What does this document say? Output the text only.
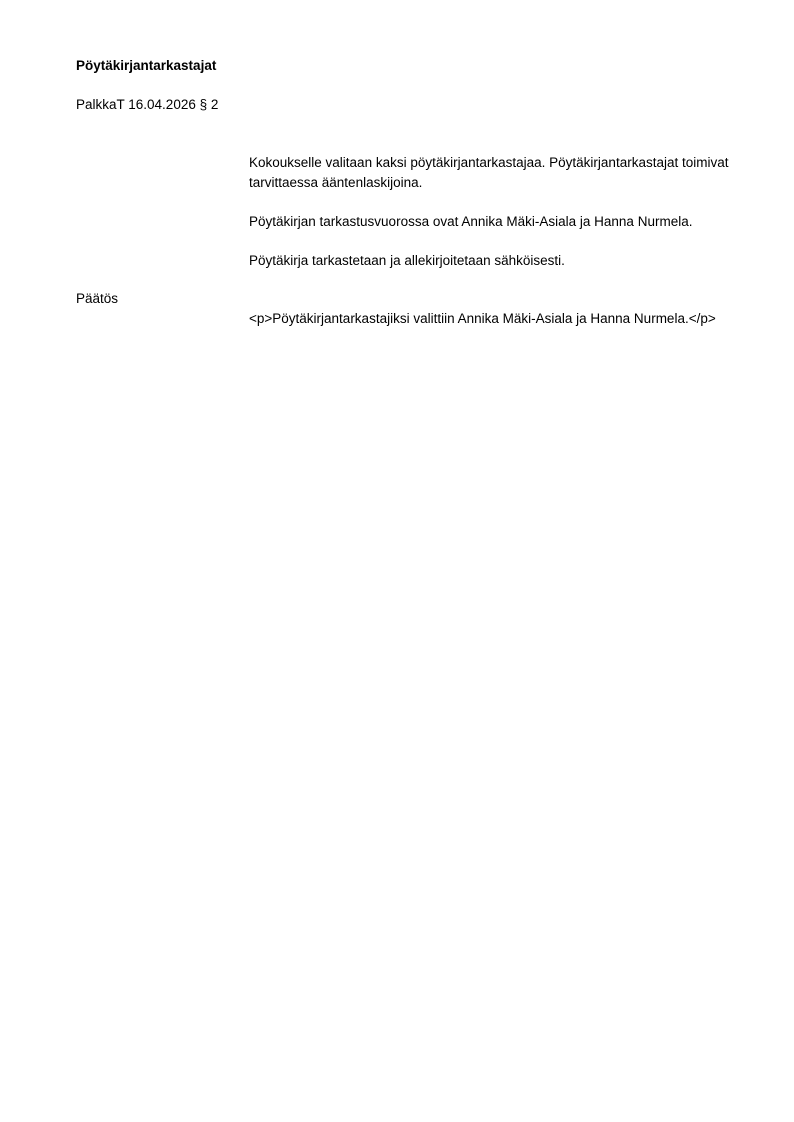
Pöytäkirjantarkastajat
PalkkaT 16.04.2026 § 2

Kokoukselle valitaan kaksi pöytäkirjantarkastajaa. Pöytäkirjantarkastajat toimivat tarvittaessa ääntenlaskijoina.

Pöytäkirjan tarkastusvuorossa ovat Annika Mäki-Asiala ja Hanna Nurmela.

Pöytäkirja tarkastetaan ja allekirjoitetaan sähköisesti.

Päätös

<p>Pöytäkirjantarkastajiksi valittiin Annika Mäki-Asiala ja Hanna Nurmela.</p>
